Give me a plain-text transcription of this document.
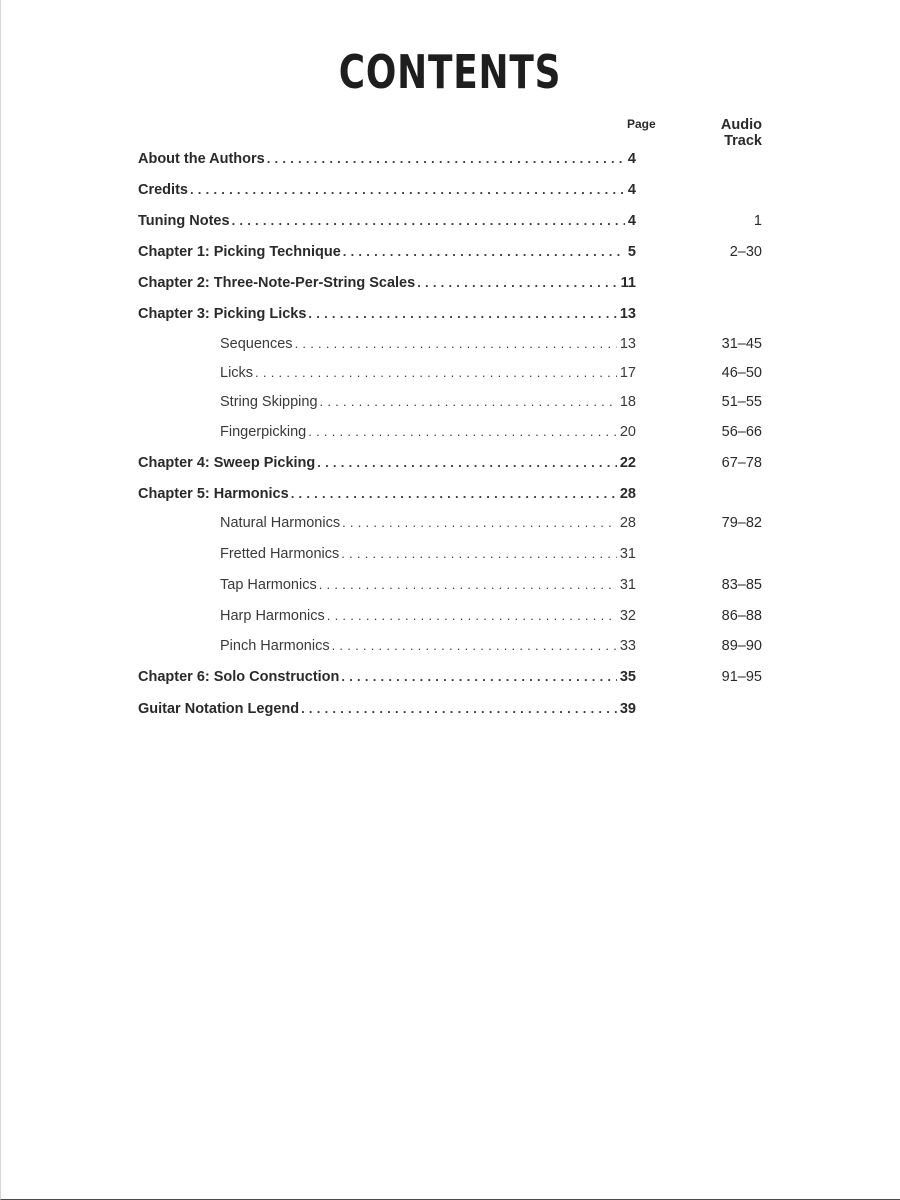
CONTENTS
Page	Audio Track
About the Authors . . .	4
Credits . . .	4
Tuning Notes . . .	4	1
Chapter 1: Picking Technique . . .	5	2–30
Chapter 2: Three-Note-Per-String Scales . . .	11
Chapter 3: Picking Licks . . .	13
Sequences . . .	13	31–45
Licks . . .	17	46–50
String Skipping . . .	18	51–55
Fingerpicking . . .	20	56–66
Chapter 4: Sweep Picking . . .	22	67–78
Chapter 5: Harmonics . . .	28
Natural Harmonics . . .	28	79–82
Fretted Harmonics . . .	31
Tap Harmonics . . .	31	83–85
Harp Harmonics . . .	32	86–88
Pinch Harmonics . . .	33	89–90
Chapter 6: Solo Construction . . .	35	91–95
Guitar Notation Legend . . .	39
